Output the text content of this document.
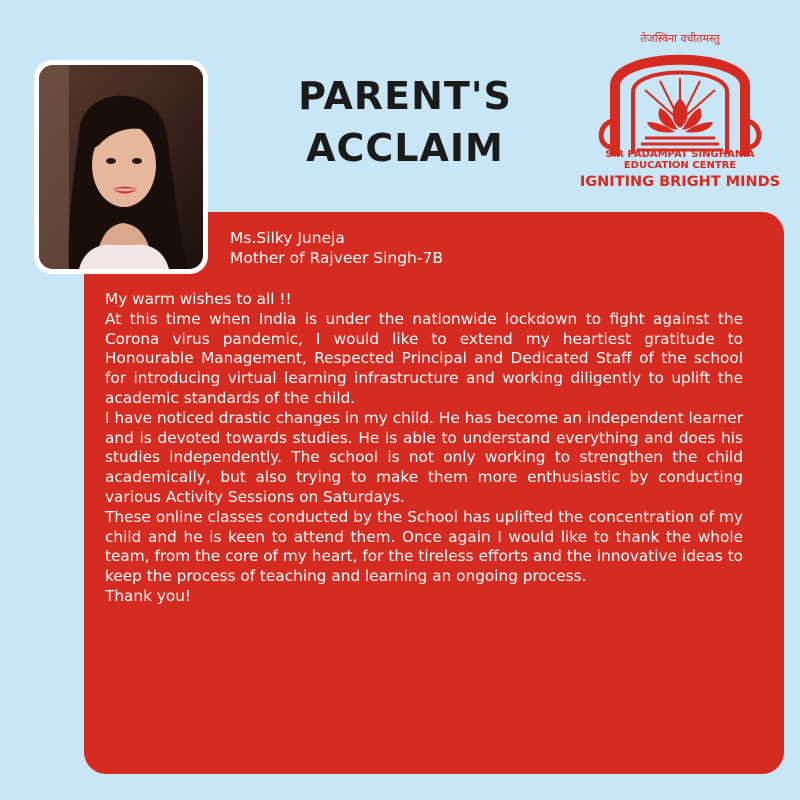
PARENT'S
ACCLAIM
तेजस्विना वधीतमस्तु
SIR PADAMPAT SINGHANIA
EDUCATION CENTRE
IGNITING BRIGHT MINDS
Ms.Silky Juneja
Mother of Rajveer Singh-7B

My warm wishes to all !!

At this time when India is under the nationwide lockdown to fight against the Corona virus pandemic, I would like to extend my heartiest gratitude to Honourable Management, Respected Principal and Dedicated Staff of the school for introducing virtual learning infrastructure and working diligently to uplift the academic standards of the child.

I have noticed drastic changes in my child. He has become an independent learner and is devoted towards studies. He is able to understand everything and does his studies independently. The school is not only working to strengthen the child academically, but also trying to make them more enthusiastic by conducting various Activity Sessions on Saturdays.

These online classes conducted by the School has uplifted the concentration of my child and he is keen to attend them. Once again I would like to thank the whole team, from the core of my heart, for the tireless efforts and the innovative ideas to keep the process of teaching and learning an ongoing process.

Thank you!
